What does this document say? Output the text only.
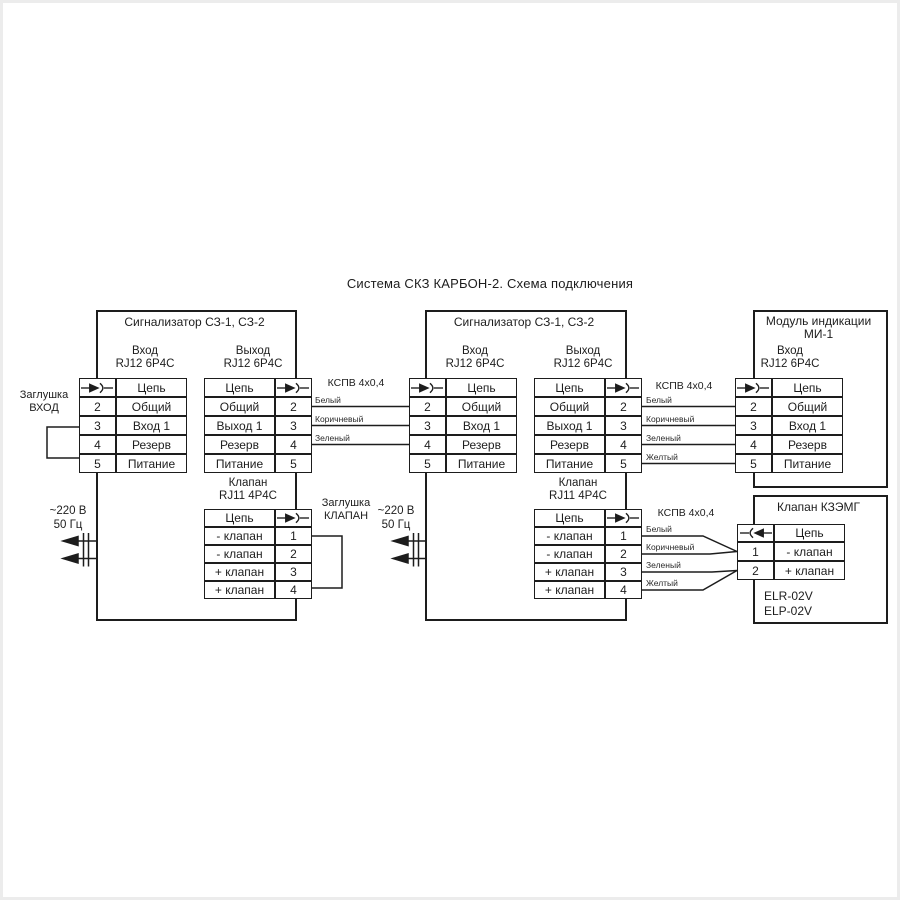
Система СКЗ КАРБОН-2. Схема подключения
Сигнализатор СЗ-1, СЗ-2	Сигнализатор СЗ-1, СЗ-2	Модуль индикации
МИ-1
Клапан КЗЭМГ
ELR-02V
ELP-02V
Вход
RJ12 6P4C
Выход
RJ12 6P4C
Клапан
RJ11 4P4C
Вход
RJ12 6P4C
Выход
RJ12 6P4C
Клапан
RJ11 4P4C
Вход
RJ12 6P4C
Заглушка
ВХОД
Заглушка
КЛАПАН
~220 В
50 Гц
~220 В
50 Гц
КСПВ 4х0,4	КСПВ 4х0,4
КСПВ 4х0,4
Белый
Коричневый
Зеленый
Белый
Коричневый
Зеленый
Желтый
Белый
Коричневый
Зеленый
Желтый
Цепь
2	Общий
3	Вход 1
4	Резерв
5	Питание
Цепь
Общий	2
Выход 1	3
Резерв	4
Питание	5
Цепь
- клапан	1
- клапан	2
+ клапан	3
+ клапан	4
Цепь
2	Общий
3	Вход 1
4	Резерв
5	Питание
Цепь
Общий	2
Выход 1	3
Резерв	4
Питание	5
Цепь
- клапан	1
- клапан	2
+ клапан	3
+ клапан	4
Цепь
2	Общий
3	Вход 1
4	Резерв
5	Питание
Цепь
1	- клапан
2	+ клапан
